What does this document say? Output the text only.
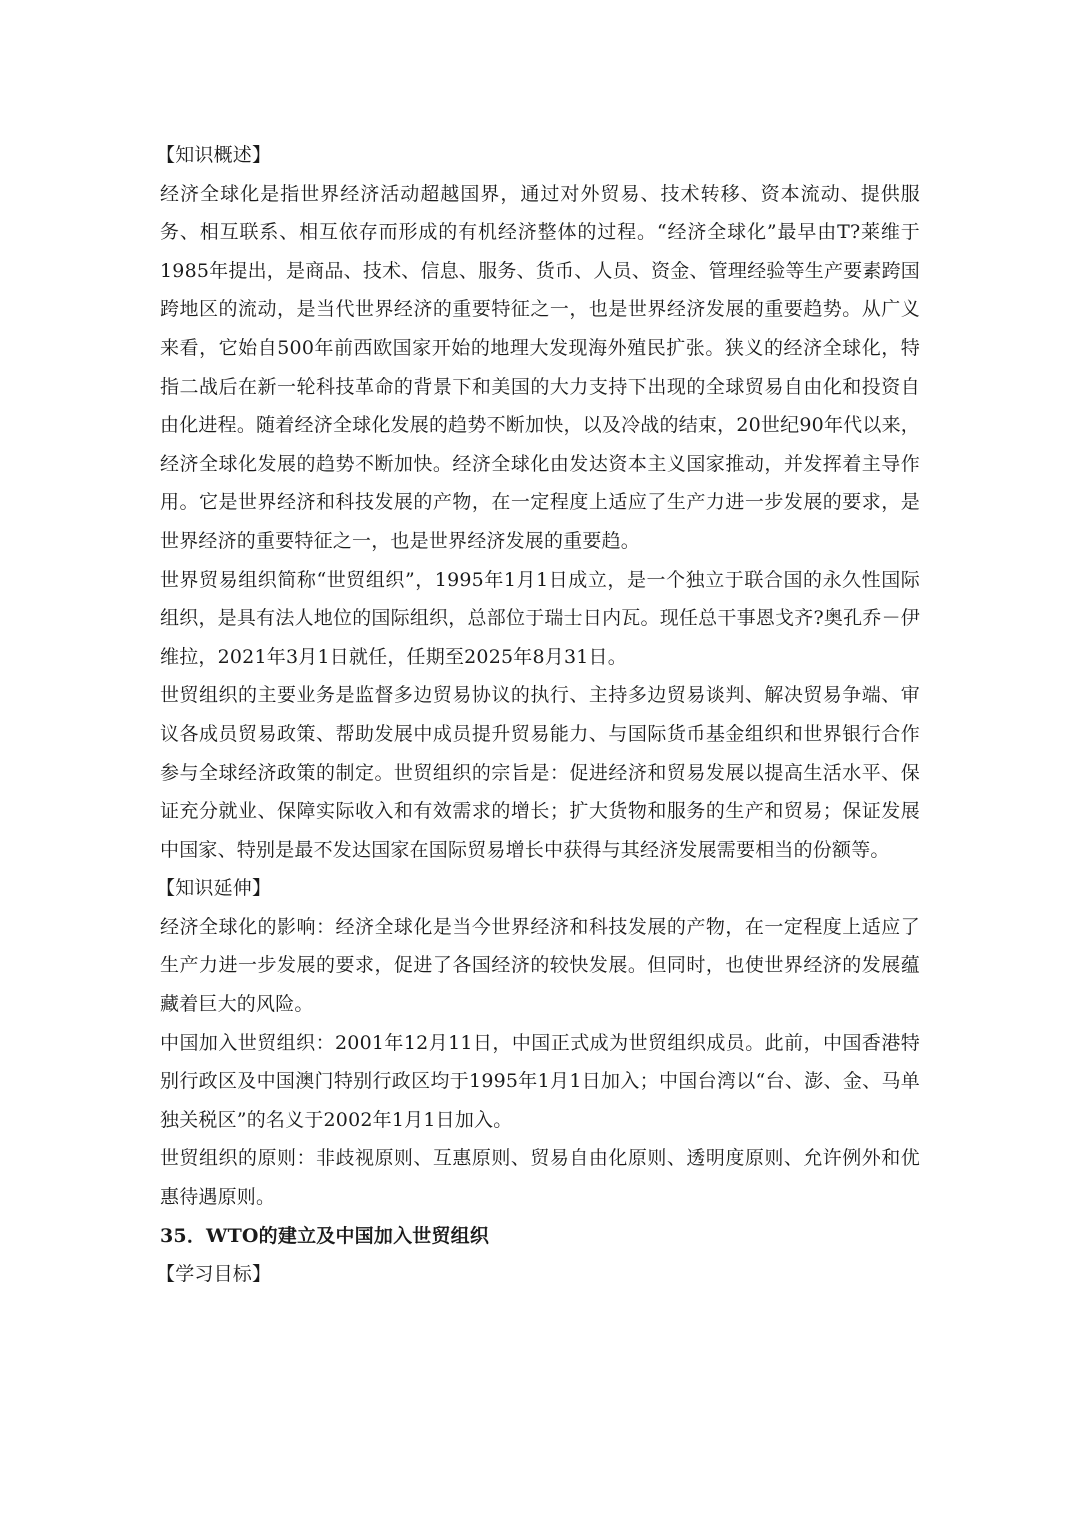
【知识概述】
经济全球化是指世界经济活动超越国界，通过对外贸易、技术转移、资本流动、提供服务、相互联系、相互依存而形成的有机经济整体的过程。“经济全球化”最早由T?莱维于1985年提出，是商品、技术、信息、服务、货币、人员、资金、管理经验等生产要素跨国跨地区的流动，是当代世界经济的重要特征之一，也是世界经济发展的重要趋势。从广义来看，它始自500年前西欧国家开始的地理大发现海外殖民扩张。狭义的经济全球化，特指二战后在新一轮科技革命的背景下和美国的大力支持下出现的全球贸易自由化和投资自由化进程。随着经济全球化发展的趋势不断加快，以及冷战的结束，20世纪90年代以来，经济全球化发展的趋势不断加快。经济全球化由发达资本主义国家推动，并发挥着主导作用。它是世界经济和科技发展的产物，在一定程度上适应了生产力进一步发展的要求，是世界经济的重要特征之一，也是世界经济发展的重要趋。
世界贸易组织简称“世贸组织”，1995年1月1日成立，是一个独立于联合国的永久性国际组织，是具有法人地位的国际组织，总部位于瑞士日内瓦。现任总干事恩戈齐?奥孔乔－伊维拉，2021年3月1日就任，任期至2025年8月31日。
世贸组织的主要业务是监督多边贸易协议的执行、主持多边贸易谈判、解决贸易争端、审议各成员贸易政策、帮助发展中成员提升贸易能力、与国际货币基金组织和世界银行合作参与全球经济政策的制定。世贸组织的宗旨是：促进经济和贸易发展以提高生活水平、保证充分就业、保障实际收入和有效需求的增长；扩大货物和服务的生产和贸易；保证发展中国家、特别是最不发达国家在国际贸易增长中获得与其经济发展需要相当的份额等。
【知识延伸】
经济全球化的影响：经济全球化是当今世界经济和科技发展的产物，在一定程度上适应了生产力进一步发展的要求，促进了各国经济的较快发展。但同时，也使世界经济的发展蕴藏着巨大的风险。
中国加入世贸组织：2001年12月11日，中国正式成为世贸组织成员。此前，中国香港特别行政区及中国澳门特别行政区均于1995年1月1日加入；中国台湾以“台、澎、金、马单独关税区”的名义于2002年1月1日加入。
世贸组织的原则：非歧视原则、互惠原则、贸易自由化原则、透明度原则、允许例外和优惠待遇原则。
35．WTO的建立及中国加入世贸组织
【学习目标】
